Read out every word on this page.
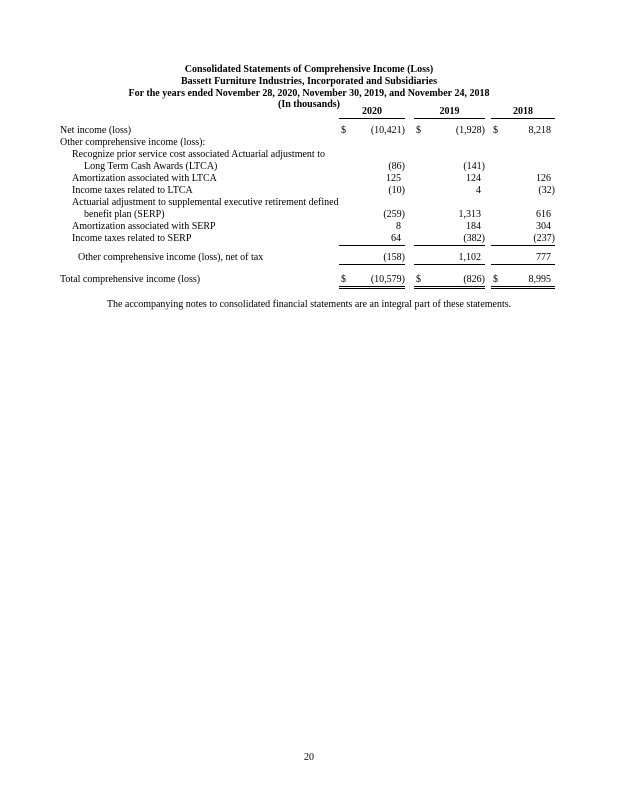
Consolidated Statements of Comprehensive Income (Loss)
Bassett Furniture Industries, Incorporated and Subsidiaries
For the years ended November 28, 2020, November 30, 2019, and November 24, 2018
(In thousands)
2020	2019	2018
Net income (loss)	$ (10,421) $	(1,928) $	8,218
Other comprehensive income (loss):
Recognize prior service cost associated Actuarial adjustment to
Long Term Cash Awards (LTCA)	(86)	(141)
Amortization associated with LTCA	125	124	126
Income taxes related to LTCA	(10)	4	(32)
Actuarial adjustment to supplemental executive retirement defined
benefit plan (SERP)	(259)	1,313	616
Amortization associated with SERP	8	184	304
Income taxes related to SERP	64	(382)	(237)
Other comprehensive income (loss), net of tax	(158)	1,102	777
Total comprehensive income (loss)	$ (10,579) $	(826) $	8,995
The accompanying notes to consolidated financial statements are an integral part of these statements.
20
